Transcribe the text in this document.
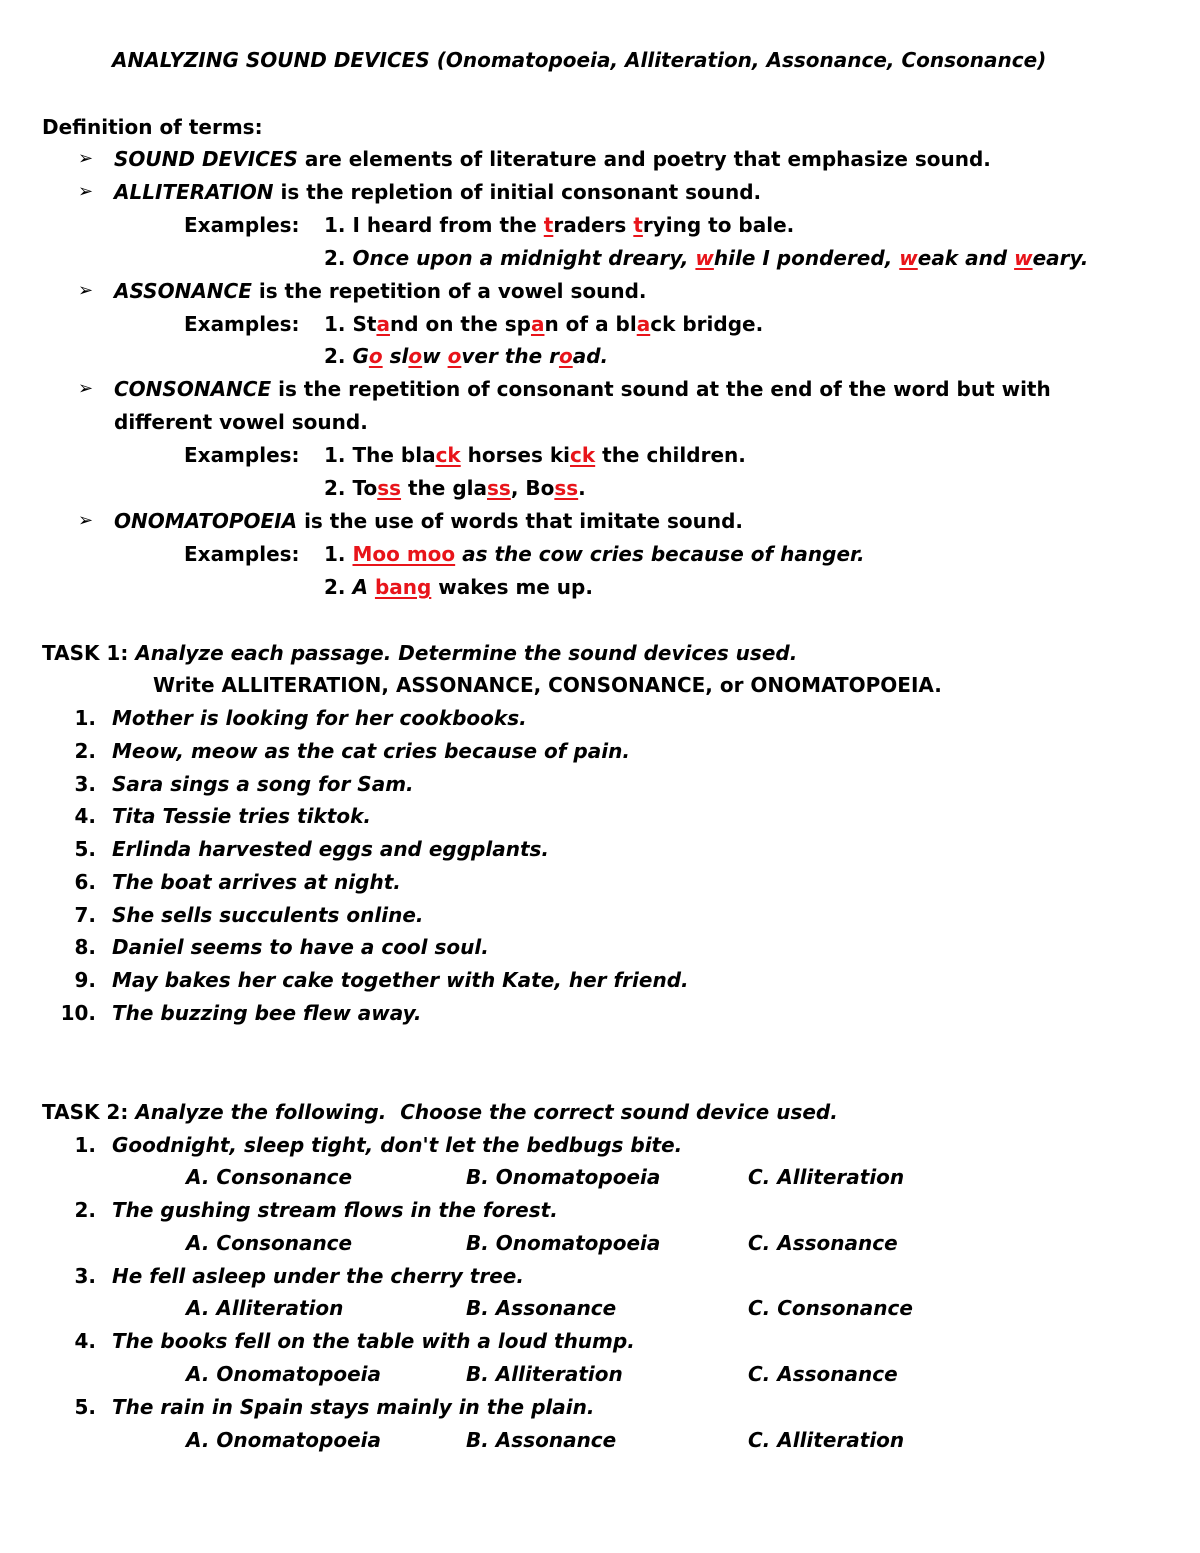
ANALYZING SOUND DEVICES (Onomatopoeia, Alliteration, Assonance, Consonance)
Definition of terms:
➢ SOUND DEVICES are elements of literature and poetry that emphasize sound.
➢ ALLITERATION is the repletion of initial consonant sound.
Examples: 1. I heard from the traders trying to bale.
2. Once upon a midnight dreary, while I pondered, weak and weary.
➢ ASSONANCE is the repetition of a vowel sound.
Examples: 1. Stand on the span of a black bridge.
2. Go slow over the road.
➢ CONSONANCE is the repetition of consonant sound at the end of the word but with
different vowel sound.
Examples: 1. The black horses kick the children.
2. Toss the glass, Boss.
➢ ONOMATOPOEIA is the use of words that imitate sound.
Examples: 1. Moo moo as the cow cries because of hanger.
2. A bang wakes me up.
TASK 1: Analyze each passage. Determine the sound devices used.
Write ALLITERATION, ASSONANCE, CONSONANCE, or ONOMATOPOEIA.
1. Mother is looking for her cookbooks.
2. Meow, meow as the cat cries because of pain.
3. Sara sings a song for Sam.
4. Tita Tessie tries tiktok.
5. Erlinda harvested eggs and eggplants.
6. The boat arrives at night.
7. She sells succulents online.
8. Daniel seems to have a cool soul.
9. May bakes her cake together with Kate, her friend.
10. The buzzing bee flew away.
TASK 2: Analyze the following.  Choose the correct sound device used.
1. Goodnight, sleep tight, don't let the bedbugs bite.
A. Consonance	B. Onomatopoeia	C. Alliteration
2. The gushing stream flows in the forest.
A. Consonance	B. Onomatopoeia	C. Assonance
3. He fell asleep under the cherry tree.
A. Alliteration	B. Assonance	C. Consonance
4. The books fell on the table with a loud thump.
A. Onomatopoeia	B. Alliteration	C. Assonance
5. The rain in Spain stays mainly in the plain.
A. Onomatopoeia	B. Assonance	C. Alliteration
